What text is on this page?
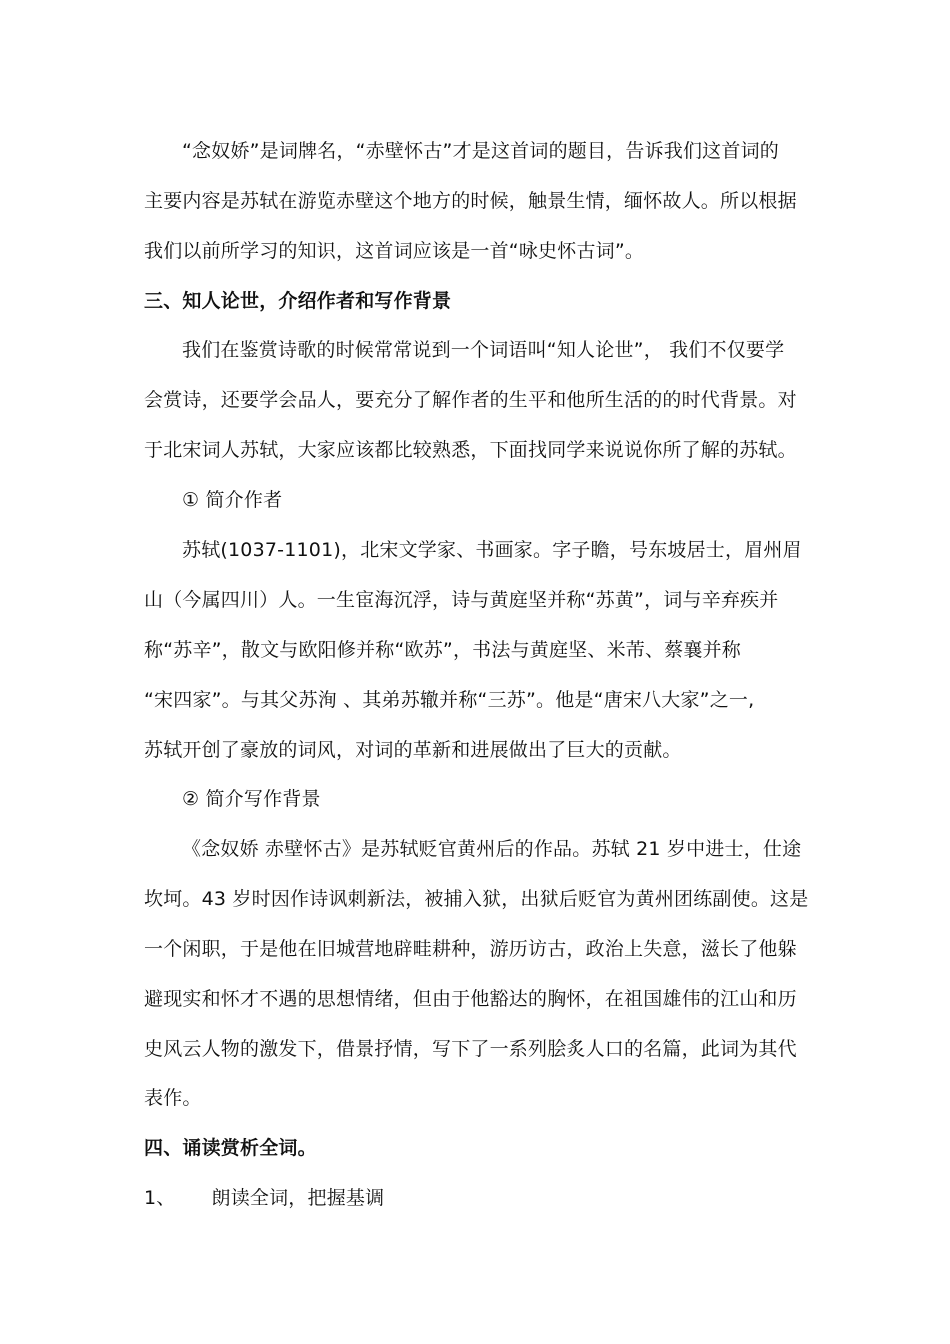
“念奴娇”是词牌名，“赤壁怀古”才是这首词的题目，告诉我们这首词的
主要内容是苏轼在游览赤壁这个地方的时候，触景生情，缅怀故人。所以根据
我们以前所学习的知识，这首词应该是一首“咏史怀古词”。
三、知人论世，介绍作者和写作背景
我们在鉴赏诗歌的时候常常说到一个词语叫“知人论世”， 我们不仅要学
会赏诗，还要学会品人，要充分了解作者的生平和他所生活的的时代背景。对
于北宋词人苏轼，大家应该都比较熟悉，下面找同学来说说你所了解的苏轼。
① 简介作者
苏轼(1037-1101)，北宋文学家、书画家。字子瞻，号东坡居士，眉州眉
山（今属四川）人。一生宦海沉浮，诗与黄庭坚并称“苏黄”，词与辛弃疾并
称“苏辛”，散文与欧阳修并称“欧苏”，书法与黄庭坚、米芾、蔡襄并称
“宋四家”。与其父苏洵 、其弟苏辙并称“三苏”。他是“唐宋八大家”之一,
苏轼开创了豪放的词风，对词的革新和进展做出了巨大的贡献。
② 简介写作背景
《念奴娇 赤壁怀古》是苏轼贬官黄州后的作品。苏轼 21 岁中进士，仕途
坎坷。43 岁时因作诗讽刺新法，被捕入狱，出狱后贬官为黄州团练副使。这是
一个闲职，于是他在旧城营地辟畦耕种，游历访古，政治上失意，滋长了他躲
避现实和怀才不遇的思想情绪，但由于他豁达的胸怀，在祖国雄伟的江山和历
史风云人物的激发下，借景抒情，写下了一系列脍炙人口的名篇，此词为其代
表作。
四、诵读赏析全词。
1、 朗读全词，把握基调
